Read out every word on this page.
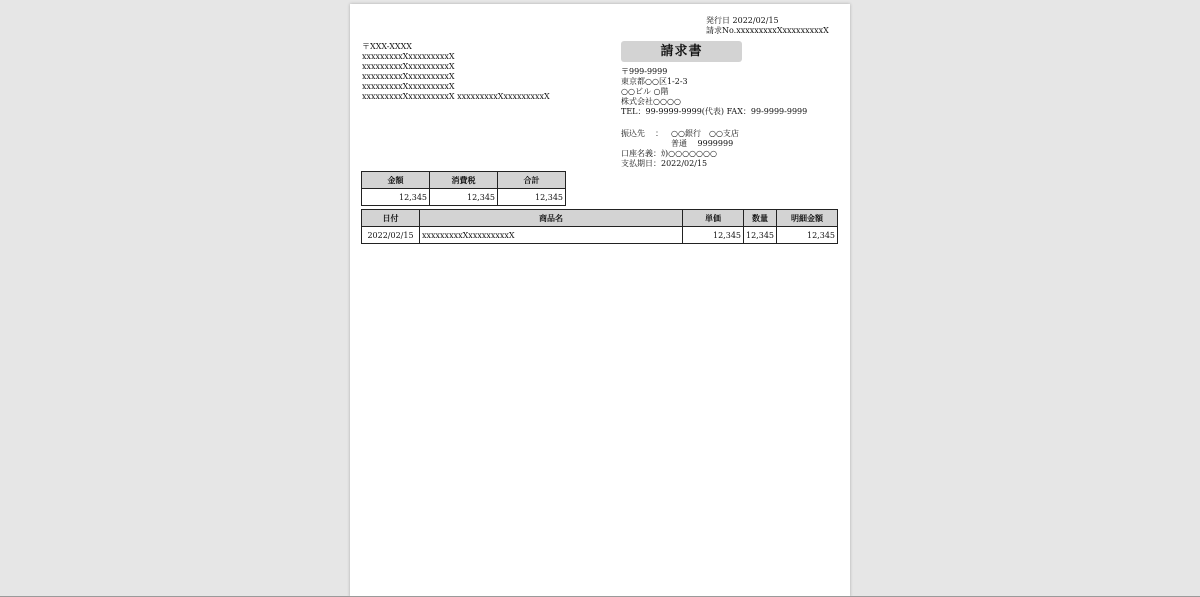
発行日 2022/02/15
請求No.xxxxxxxxxXxxxxxxxxxX
請求書
〒XXX-XXXX
xxxxxxxxxXxxxxxxxxxX
xxxxxxxxxXxxxxxxxxxX
xxxxxxxxxXxxxxxxxxxX
xxxxxxxxxXxxxxxxxxxX
xxxxxxxxxXxxxxxxxxxX xxxxxxxxxXxxxxxxxxxX
〒999-9999
東京都○○区1-2-3
○○ビル ○階
株式会社○○○○
TEL：99-9999-9999(代表) FAX：99-9999-9999
振込先 ： ○○銀行　○○支店
普通　 9999999
口座名義：ｶ)○○○○○○○
支払期日：2022/02/15
金額	消費税	合計
12,345	12,345	12,345
日付	商品名	単価	数量	明細金額
2022/02/15	xxxxxxxxxXxxxxxxxxxX	12,345	12,345	12,345
